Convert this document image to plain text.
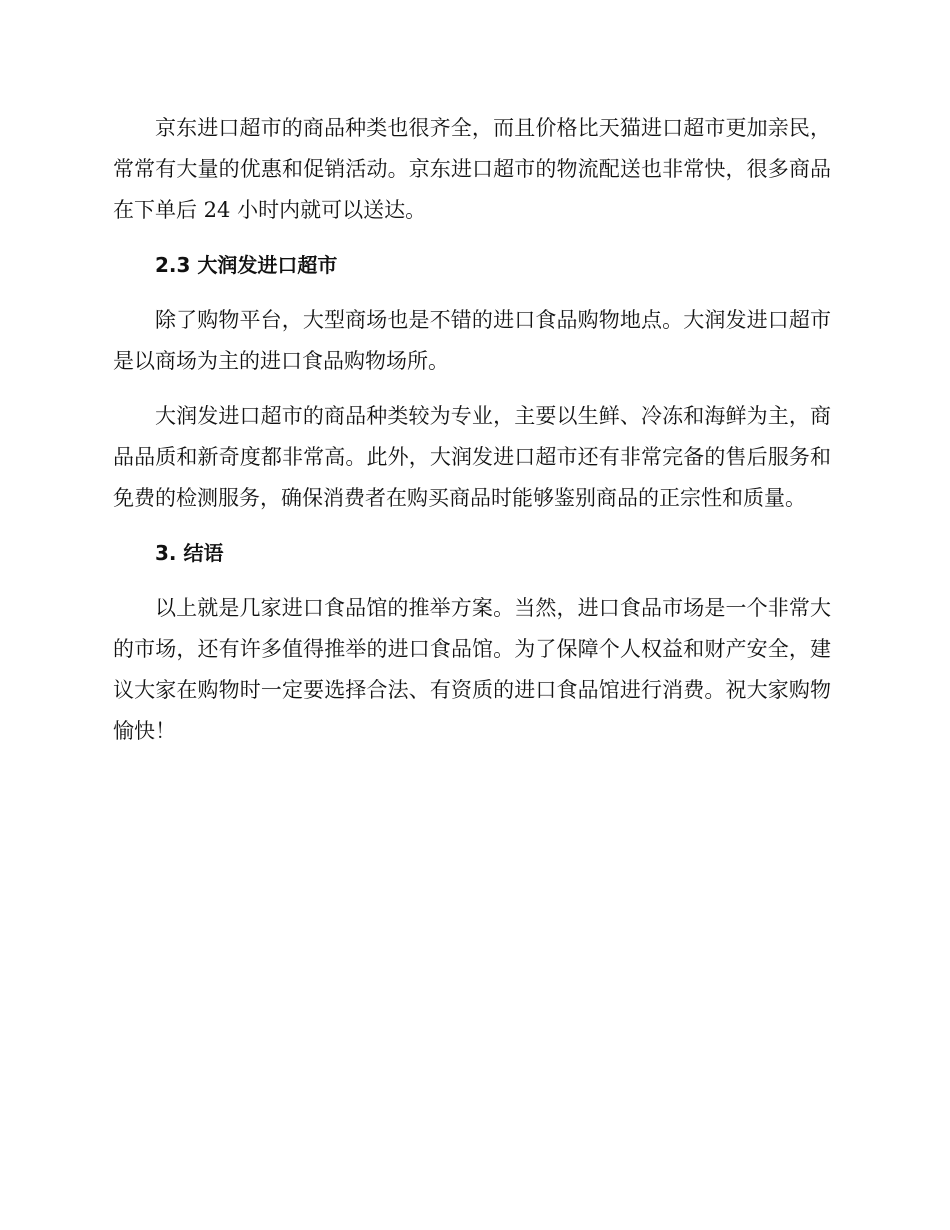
京东进口超市的商品种类也很齐全，而且价格比天猫进口超市更加亲民，常常有大量的优惠和促销活动。京东进口超市的物流配送也非常快，很多商品在下单后 24 小时内就可以送达。

2.3 大润发进口超市

除了购物平台，大型商场也是不错的进口食品购物地点。大润发进口超市是以商场为主的进口食品购物场所。

大润发进口超市的商品种类较为专业，主要以生鲜、冷冻和海鲜为主，商品品质和新奇度都非常高。此外，大润发进口超市还有非常完备的售后服务和免费的检测服务，确保消费者在购买商品时能够鉴别商品的正宗性和质量。

3. 结语

以上就是几家进口食品馆的推举方案。当然，进口食品市场是一个非常大的市场，还有许多值得推举的进口食品馆。为了保障个人权益和财产安全，建议大家在购物时一定要选择合法、有资质的进口食品馆进行消费。祝大家购物愉快！
